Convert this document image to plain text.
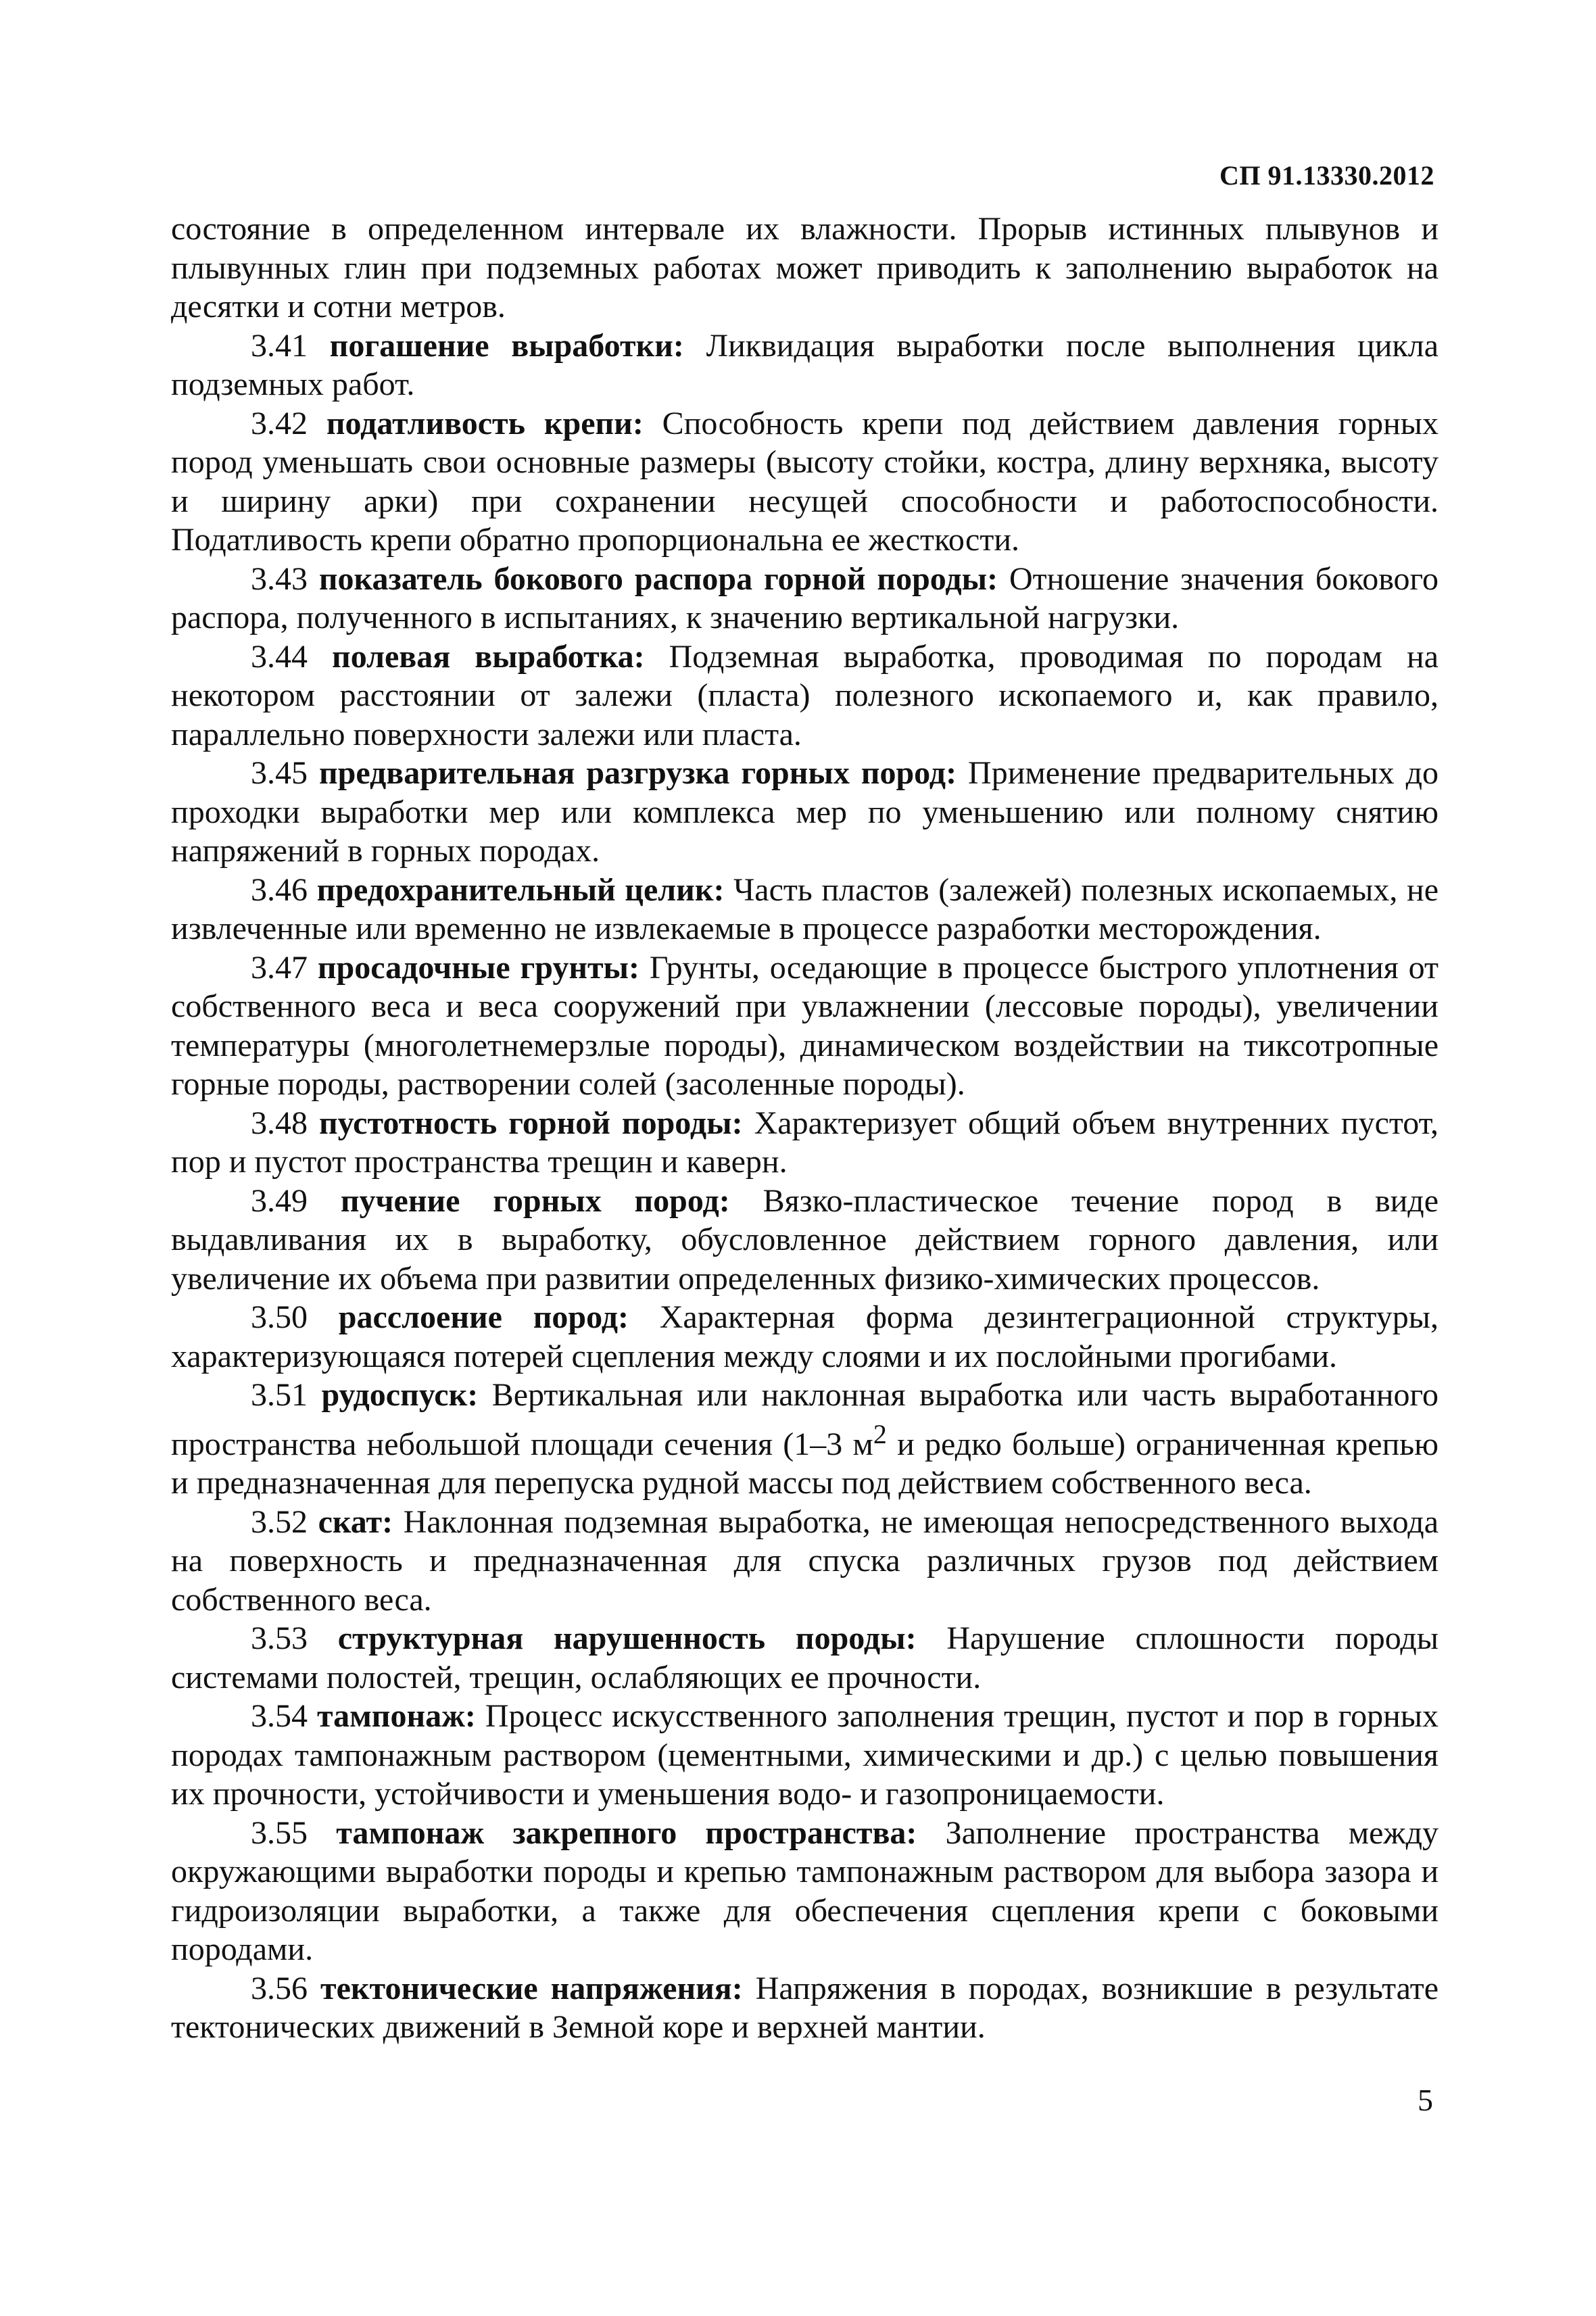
СП 91.13330.2012

состояние в определенном интервале их влажности. Прорыв истинных плывунов и плывунных глин при подземных работах может приводить к заполнению выработок на десятки и сотни метров.

3.41 погашение выработки: Ликвидация выработки после выполнения цикла подземных работ.

3.42 податливость крепи: Способность крепи под действием давления горных пород уменьшать свои основные размеры (высоту стойки, костра, длину верхняка, высоту и ширину арки) при сохранении несущей способности и работоспособности. Податливость крепи обратно пропорциональна ее жесткости.

3.43 показатель бокового распора горной породы: Отношение значения бокового распора, полученного в испытаниях, к значению вертикальной нагрузки.

3.44 полевая выработка: Подземная выработка, проводимая по породам на некотором расстоянии от залежи (пласта) полезного ископаемого и, как правило, параллельно поверхности залежи или пласта.

3.45 предварительная разгрузка горных пород: Применение предварительных до проходки выработки мер или комплекса мер по уменьшению или полному снятию напряжений в горных породах.

3.46 предохранительный целик: Часть пластов (залежей) полезных ископаемых, не извлеченные или временно не извлекаемые в процессе разработки месторождения.

3.47 просадочные грунты: Грунты, оседающие в процессе быстрого уплотнения от собственного веса и веса сооружений при увлажнении (лессовые породы), увеличении температуры (многолетнемерзлые породы), динамическом воздействии на тиксотропные горные породы, растворении солей (засоленные породы).

3.48 пустотность горной породы: Характеризует общий объем внутренних пустот, пор и пустот пространства трещин и каверн.

3.49 пучение горных пород: Вязко-пластическое течение пород в виде выдавливания их в выработку, обусловленное действием горного давления, или увеличение их объема при развитии определенных физико-химических процессов.

3.50 расслоение пород: Характерная форма дезинтеграционной структуры, характеризующаяся потерей сцепления между слоями и их послойными прогибами.

3.51 рудоспуск: Вертикальная или наклонная выработка или часть выработанного пространства небольшой площади сечения (1–3 $м^2$ и редко больше) ограниченная крепью и предназначенная для перепуска рудной массы под действием собственного веса.

3.52 скат: Наклонная подземная выработка, не имеющая непосредственного выхода на поверхность и предназначенная для спуска различных грузов под действием собственного веса.

3.53 структурная нарушенность породы: Нарушение сплошности породы системами полостей, трещин, ослабляющих ее прочности.

3.54 тампонаж: Процесс искусственного заполнения трещин, пустот и пор в горных породах тампонажным раствором (цементными, химическими и др.) с целью повышения их прочности, устойчивости и уменьшения водо- и газопроницаемости.

3.55 тампонаж закрепного пространства: Заполнение пространства между окружающими выработки породы и крепью тампонажным раствором для выбора зазора и гидроизоляции выработки, а также для обеспечения сцепления крепи с боковыми породами.

3.56 тектонические напряжения: Напряжения в породах, возникшие в результате тектонических движений в Земной коре и верхней мантии.

5
